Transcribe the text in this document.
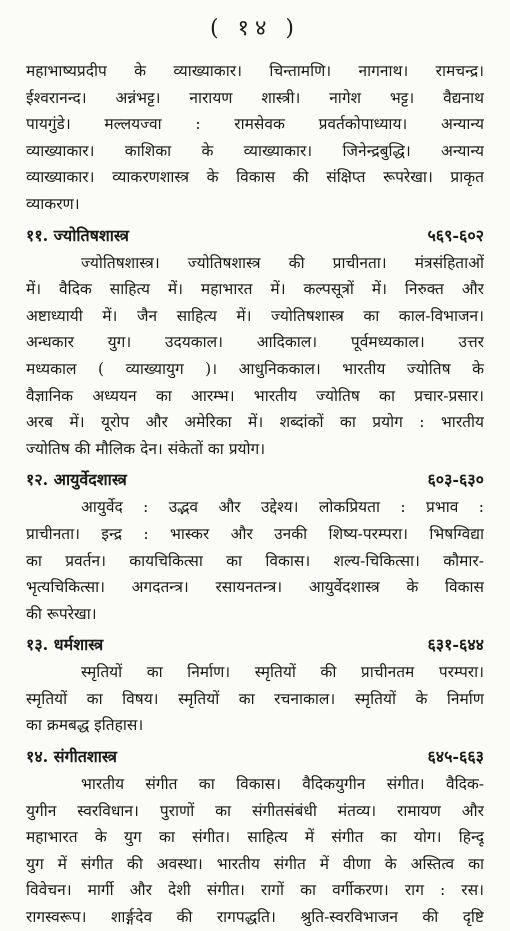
( १४ )
महाभाष्यप्रदीप के व्याख्याकार। चिन्तामणि। नागनाथ। रामचन्द्र।
ईश्वरानन्द। अन्नंभट्ट। नारायण शास्त्री। नागेश भट्ट। वैद्यनाथ
पायगुंडे। मल्लयज्वा : रामसेवक प्रवर्तकोपाध्याय। अन्यान्य
व्याख्याकार। काशिका के व्याख्याकार। जिनेन्द्रबुद्धि। अन्यान्य
व्याख्याकार। व्याकरणशास्त्र के विकास की संक्षिप्त रूपरेखा। प्राकृत
व्याकरण।
११. ज्योतिषशास्त्र	५६९-६०२
ज्योतिषशास्त्र। ज्योतिषशास्त्र की प्राचीनता। मंत्रसंहिताओं
में। वैदिक साहित्य में। महाभारत में। कल्पसूत्रों में। निरुक्त और
अष्टाध्यायी में। जैन साहित्य में। ज्योतिषशास्त्र का काल-विभाजन।
अन्धकार युग। उदयकाल। आदिकाल। पूर्वमध्यकाल। उत्तर
मध्यकाल ( व्याख्यायुग )। आधुनिककाल। भारतीय ज्योतिष के
वैज्ञानिक अध्ययन का आरम्भ। भारतीय ज्योतिष का प्रचार-प्रसार।
अरब में। यूरोप और अमेरिका में। शब्दांकों का प्रयोग : भारतीय
ज्योतिष की मौलिक देन। संकेतों का प्रयोग।
१२. आयुर्वेदशास्त्र	६०३-६३०
आयुर्वेद : उद्भव और उद्देश्य। लोकप्रियता : प्रभाव :
प्राचीनता। इन्द्र : भास्कर और उनकी शिष्य-परम्परा। भिषग्विद्या
का प्रवर्तन। कायचिकित्सा का विकास। शल्य-चिकित्सा। कौमार-
भृत्यचिकित्सा। अगदतन्त्र। रसायनतन्त्र। आयुर्वेदशास्त्र के विकास
की रूपरेखा।
१३. धर्मशास्त्र	६३१-६४४
स्मृतियों का निर्माण। स्मृतियों की प्राचीनतम परम्परा।
स्मृतियों का विषय। स्मृतियों का रचनाकाल। स्मृतियों के निर्माण
का क्रमबद्ध इतिहास।
१४. संगीतशास्त्र	६४५-६६३
भारतीय संगीत का विकास। वैदिकयुगीन संगीत। वैदिक-
युगीन स्वरविधान। पुराणों का संगीतसंबंधी मंतव्य। रामायण और
महाभारत के युग का संगीत। साहित्य में संगीत का योग। हिन्दू
युग में संगीत की अवस्था। भारतीय संगीत में वीणा के अस्तित्व का
विवेचन। मार्गी और देशी संगीत। रागों का वर्गीकरण। राग : रस।
रागस्वरूप। शार्ङ्गदेव की रागपद्धति। श्रुति-स्वरविभाजन की दृष्टि
